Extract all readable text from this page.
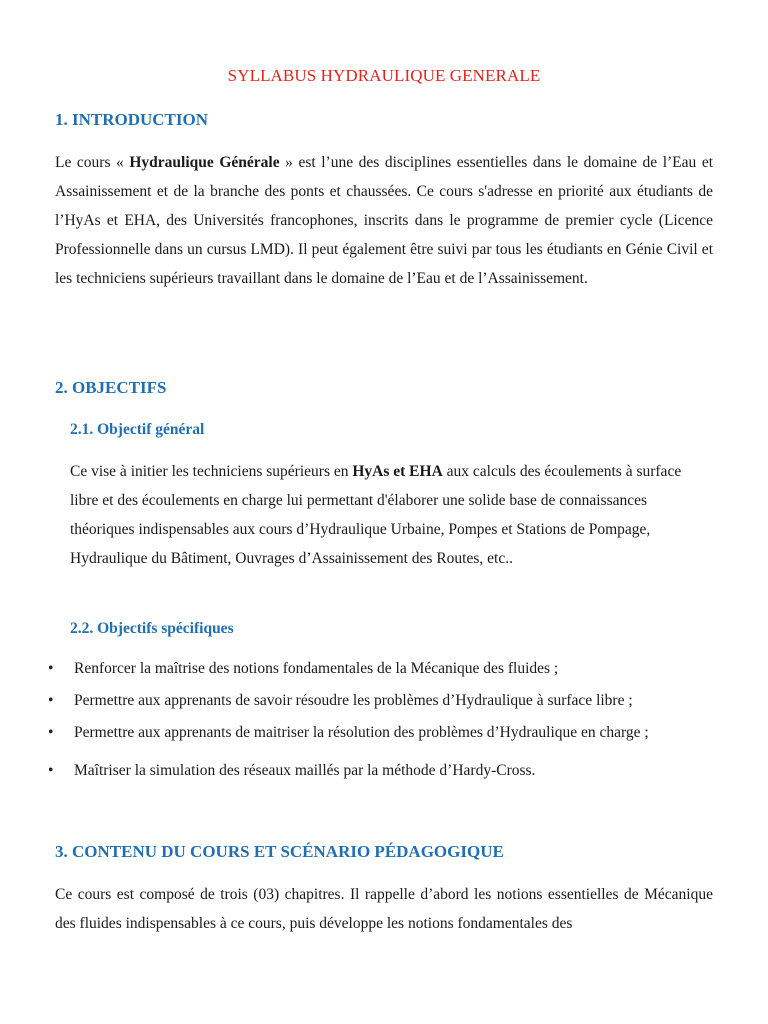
SYLLABUS HYDRAULIQUE GENERALE
1. INTRODUCTION
Le cours « Hydraulique Générale » est l’une des disciplines essentielles dans le domaine de l’Eau et Assainissement et de la branche des ponts et chaussées. Ce cours s'adresse en priorité aux étudiants de l’HyAs et EHA, des Universités francophones, inscrits dans le programme de premier cycle (Licence Professionnelle dans un cursus LMD). Il peut également être suivi par tous les étudiants en Génie Civil et les techniciens supérieurs travaillant dans le domaine de l’Eau et de l’Assainissement.
2. OBJECTIFS
2.1. Objectif général
Ce vise à initier les techniciens supérieurs en HyAs et EHA aux calculs des écoulements à surface libre et des écoulements en charge lui permettant d'élaborer une solide base de connaissances théoriques indispensables aux cours d’Hydraulique Urbaine, Pompes et Stations de Pompage, Hydraulique du Bâtiment, Ouvrages d’Assainissement des Routes, etc..
2.2. Objectifs spécifiques
• Renforcer la maîtrise des notions fondamentales de la Mécanique des fluides ;
• Permettre aux apprenants de savoir résoudre les problèmes d’Hydraulique à surface libre ;
• Permettre aux apprenants de maitriser la résolution des problèmes d’Hydraulique en charge ;
• Maîtriser la simulation des réseaux maillés par la méthode d’Hardy-Cross.
3. CONTENU DU COURS ET SCÉNARIO PÉDAGOGIQUE
Ce cours est composé de trois (03) chapitres. Il rappelle d’abord les notions essentielles de Mécanique des fluides indispensables à ce cours, puis développe les notions fondamentales des
